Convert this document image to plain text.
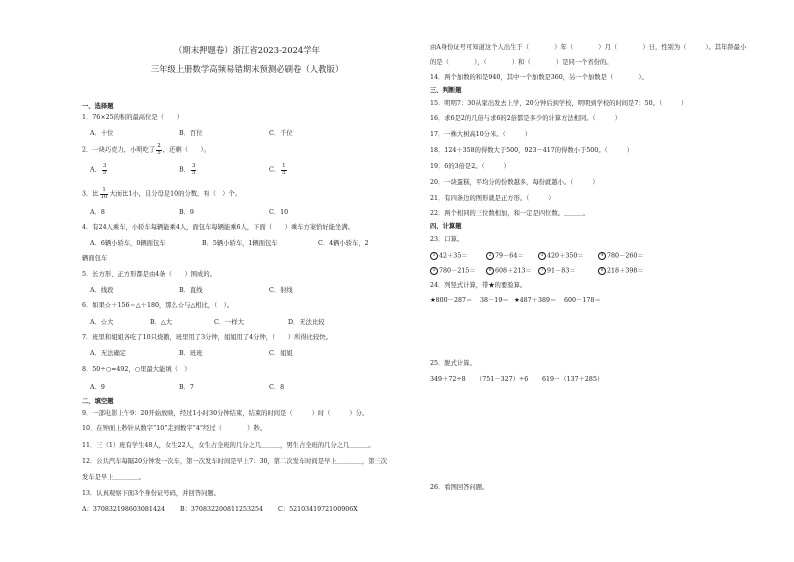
（期末押题卷）浙江省2023-2024学年
三年级上册数学高频易错期末预测必刷卷（人教版）
一、选择题
1．76×25的积的最高位是（　　）
A．十位	B．百位	C．千位
2．一块巧克力，小明吃了 $\frac{2}{5}$ ，还剩（　　）。
A． $\frac{3}{5}$	B． $\frac{3}{5}$	C． $\frac{1}{5}$
3．比 $\frac{1}{10}$ 大而比1小，且分母是10的分数，有（　）个。
A．8	B．9	C．10
4．有24人乘车，小轿车每辆能乘4人，面包车每辆能乘6人，下面（　　）乘车方案恰好能坐满。
A．6辆小轿车，0辆面包车	B．5辆小轿车，1辆面包车	C．4辆小轿车，2
辆面包车
5．长方形、正方形都是由4条（　　）围成的。
A．线段	B．直线	C．射线
6．如果☆＋156＝△＋180，那么☆与△相比，（　）。
A．☆大	B．△大	C．一样大	D．无法比较
7．班里和姐姐各吃了10只烧鹅，班里用了3分钟，姐姐用了4分钟，（　　）所得比较快。
A．无法确定	B．班班	C．姐姐
8．50÷○=492，○里最大能填（　）
A．9	B．7	C．8
二、填空题
9．一部电影上午9：20开始放映，经过1小时30分钟结束，结束的时间是（　　　）时（　　　）分。
10．在钟面上秒针从数字“10”走到数字“4”经过（　　　　）秒。
11．三（1）班有学生48人，女生22人，女生占全班的几分之几＿＿＿，男生占全班的几分之几＿＿＿。
12．公共汽车每隔20分钟发一次车，第一次发车时间是早上7：30，第二次发车时间是早上＿＿＿＿，第三次
发车是早上＿＿＿＿。
13．认真观察下面3个身份证号码，并回答问题。
A：370832198603081424 B：370832200811253254 C：5210341972100906X
由A身份证号可知道这个人出生于（　　　　）年（　　　　）月（　　　　）日，性别为（　　　）。其年龄最小
的是（　　　　），（　　　　）和（　　　　）是同一个省份的。
14．两个加数的和是940，其中一个加数是360，另一个加数是（　　　　）。
三、判断题
15．明明7：30从家出发去上学，20分钟后到学校，明明到学校的时间是7：50。（　　　）
16．求6是2的几倍与求6的2倍都是多少的计算方法相同。（　　　）
17．一株大树高10分米。（　　　）
18．124＋358的得数大于500，923－417的得数小于500。（　　　）
19．6的3倍是2。（　　　）
20．一块蛋糕，平均分的份数越多，每份就越小。（　　　）
21．有四条边的图形就是正方形。（　　　）
22．两个相同的三位数相加，和一定是四位数。＿＿＿。
四、计算题
23．口算。
1 42＋35＝	2 79－64＝	3 420＋350＝	4 780－260＝
5 780－215＝	6 608＋213＝	7 91－83＝	8 218＋398＝
24．列竖式计算，带★的要验算。
★800－287＝ 38－19＝ ★487＋389＝ 600－178＝
25．脱式计算。
349＋72÷8 （751－327）÷6 619－（137＋285）
26．看图回答问题。
